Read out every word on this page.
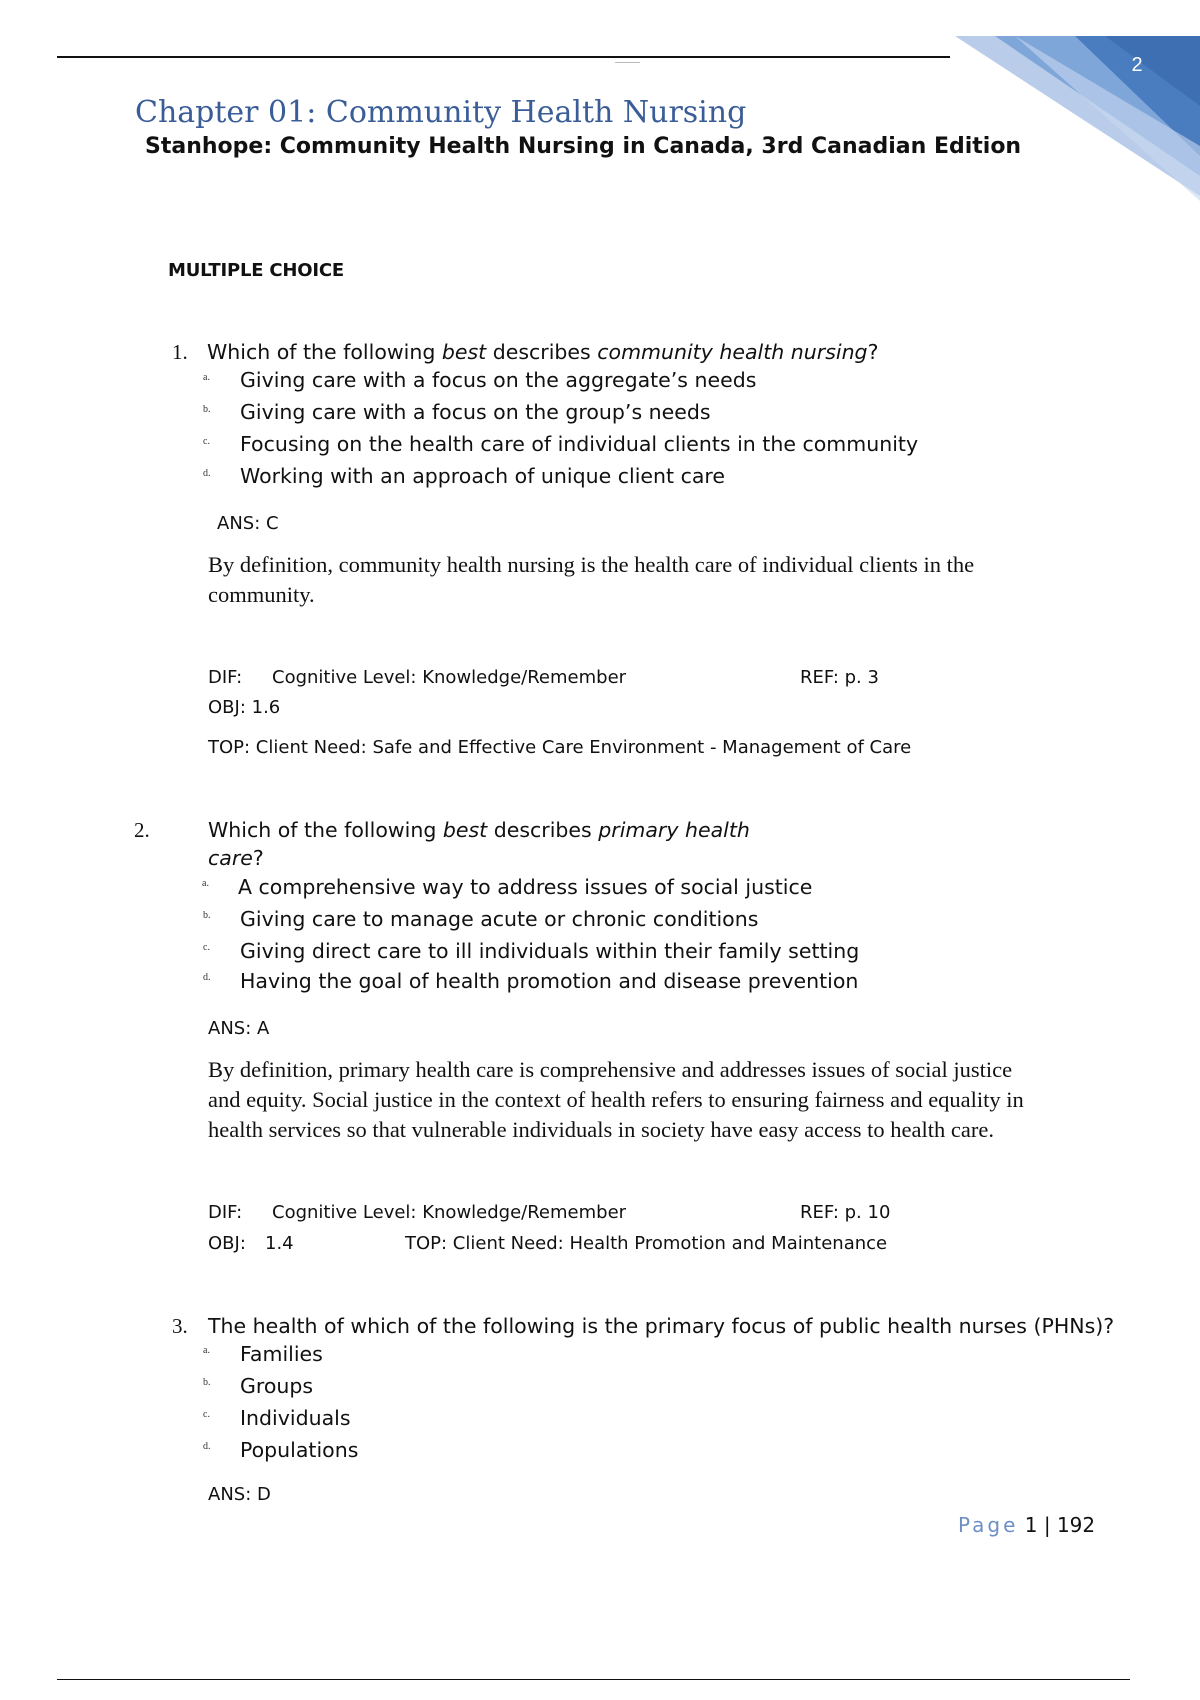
2
Chapter 01: Community Health Nursing
Stanhope: Community Health Nursing in Canada, 3rd Canadian Edition
MULTIPLE CHOICE
1. Which of the following best describes community health nursing?
a. Giving care with a focus on the aggregate’s needs
b. Giving care with a focus on the group’s needs
c. Focusing on the health care of individual clients in the community
d. Working with an approach of unique client care
ANS: C
By definition, community health nursing is the health care of individual clients in the
community.
DIF: Cognitive Level: Knowledge/Remember	REF: p. 3
OBJ: 1.6
TOP: Client Need: Safe and Effective Care Environment - Management of Care
2.	Which of the following best describes primary health
care?
a. A comprehensive way to address issues of social justice
b. Giving care to manage acute or chronic conditions
c. Giving direct care to ill individuals within their family setting
d. Having the goal of health promotion and disease prevention
ANS: A
By definition, primary health care is comprehensive and addresses issues of social justice
and equity. Social justice in the context of health refers to ensuring fairness and equality in
health services so that vulnerable individuals in society have easy access to health care.
DIF: Cognitive Level: Knowledge/Remember	REF: p. 10
OBJ: 1.4	TOP: Client Need: Health Promotion and Maintenance
3. The health of which of the following is the primary focus of public health nurses (PHNs)?
a. Families
b. Groups
c. Individuals
d. Populations
ANS: D
Page 1 | 192
